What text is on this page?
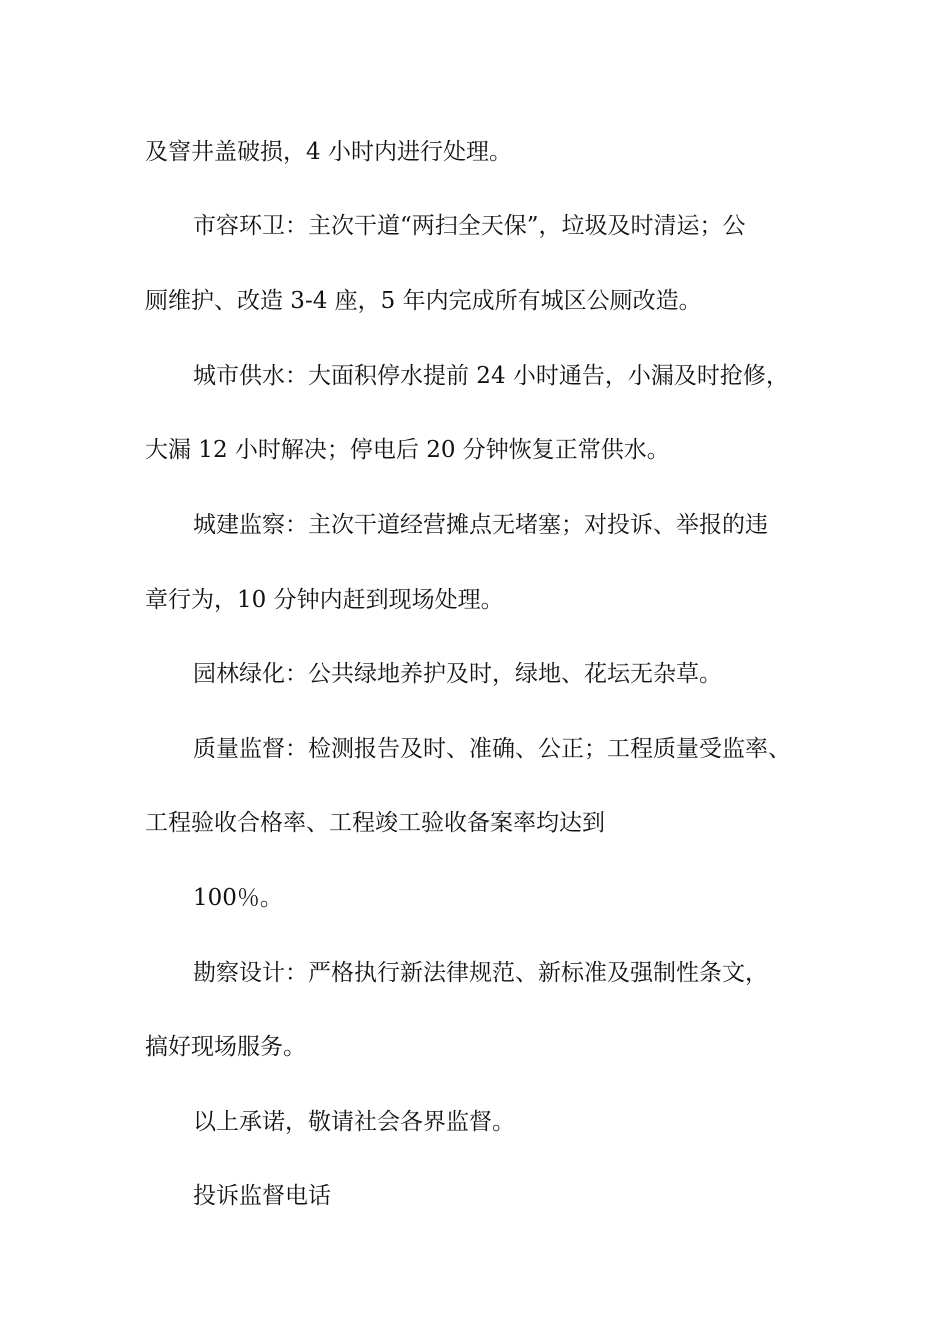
及窨井盖破损，4 小时内进行处理。

市容环卫：主次干道“两扫全天保”，垃圾及时清运；公

厕维护、改造 3-4 座，5 年内完成所有城区公厕改造。

城市供水：大面积停水提前 24 小时通告，小漏及时抢修，

大漏 12 小时解决；停电后 20 分钟恢复正常供水。

城建监察：主次干道经营摊点无堵塞；对投诉、举报的违

章行为，10 分钟内赶到现场处理。

园林绿化：公共绿地养护及时，绿地、花坛无杂草。

质量监督：检测报告及时、准确、公正；工程质量受监率、

工程验收合格率、工程竣工验收备案率均达到

100％。

勘察设计：严格执行新法律规范、新标准及强制性条文，

搞好现场服务。

以上承诺，敬请社会各界监督。

投诉监督电话
